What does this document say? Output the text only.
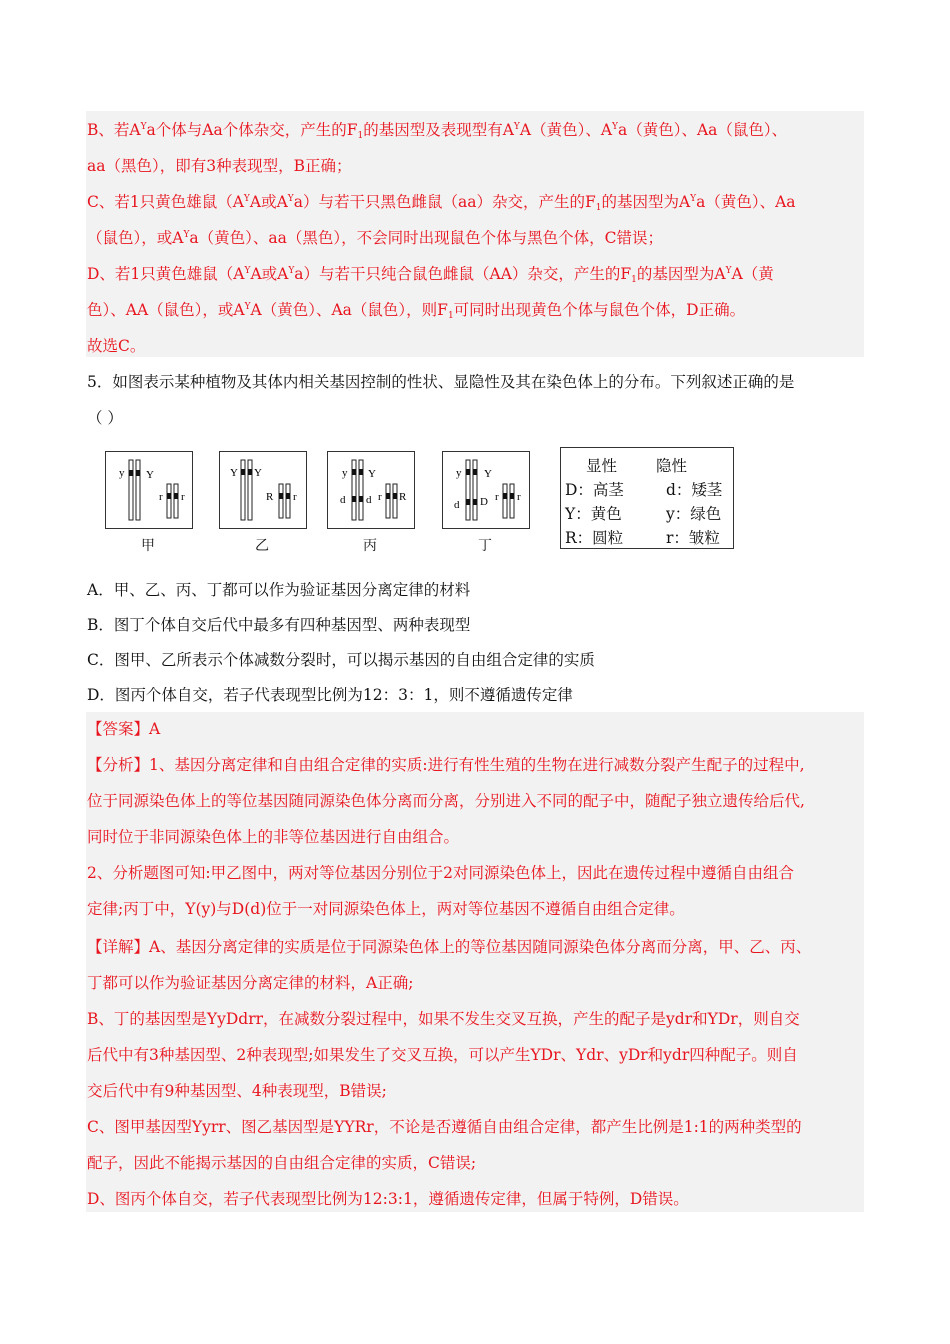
B、若$A^Ya$个体与Aa个体杂交，产生的$F_1$的基因型及表现型有$A^YA$（黄色）、$A^Ya$（黄色）、Aa（鼠色）、
aa（黑色），即有3种表现型，B正确；
C、若1只黄色雄鼠（$A^YA$或$A^Ya$）与若干只黑色雌鼠（aa）杂交，产生的$F_1$的基因型为$A^Ya$（黄色）、Aa
（鼠色），或$A^Ya$（黄色）、aa（黑色），不会同时出现鼠色个体与黑色个体，C错误；
D、若1只黄色雄鼠（$A^YA$或$A^Ya$）与若干只纯合鼠色雌鼠（AA）杂交，产生的$F_1$的基因型为$A^YA$（黄
色）、AA（鼠色），或$A^YA$（黄色）、Aa（鼠色），则$F_1$可同时出现黄色个体与鼠色个体，D正确。
故选C。
5．如图表示某种植物及其体内相关基因控制的性状、显隐性及其在染色体上的分布。下列叙述正确的是
（ ）
y Y
r r
甲
Y Y
R r
乙
y Y
d d r R
丙
y Y
d D r r
丁
显性	隐性
D：高茎	d：矮茎
Y：黄色	y：绿色
R：圆粒	r：皱粒
A．甲、乙、丙、丁都可以作为验证基因分离定律的材料
B．图丁个体自交后代中最多有四种基因型、两种表现型
C．图甲、乙所表示个体减数分裂时，可以揭示基因的自由组合定律的实质
D．图丙个体自交，若子代表现型比例为12：3：1，则不遵循遗传定律
【答案】A
【分析】1、基因分离定律和自由组合定律的实质:进行有性生殖的生物在进行减数分裂产生配子的过程中,
位于同源染色体上的等位基因随同源染色体分离而分离，分别进入不同的配子中，随配子独立遗传给后代,
同时位于非同源染色体上的非等位基因进行自由组合。
2、分析题图可知:甲乙图中，两对等位基因分别位于2对同源染色体上，因此在遗传过程中遵循自由组合
定律;丙丁中，Y(y)与D(d)位于一对同源染色体上，两对等位基因不遵循自由组合定律。
【详解】A、基因分离定律的实质是位于同源染色体上的等位基因随同源染色体分离而分离，甲、乙、丙、
丁都可以作为验证基因分离定律的材料，A正确;
B、丁的基因型是YyDdrr，在减数分裂过程中，如果不发生交叉互换，产生的配子是ydr和YDr，则自交
后代中有3种基因型、2种表现型;如果发生了交叉互换，可以产生YDr、Ydr、yDr和ydr四种配子。则自
交后代中有9种基因型、4种表现型，B错误;
C、图甲基因型Yyrr、图乙基因型是YYRr，不论是否遵循自由组合定律，都产生比例是1:1的两种类型的
配子，因此不能揭示基因的自由组合定律的实质，C错误;
D、图丙个体自交，若子代表现型比例为12:3:1，遵循遗传定律，但属于特例，D错误。
